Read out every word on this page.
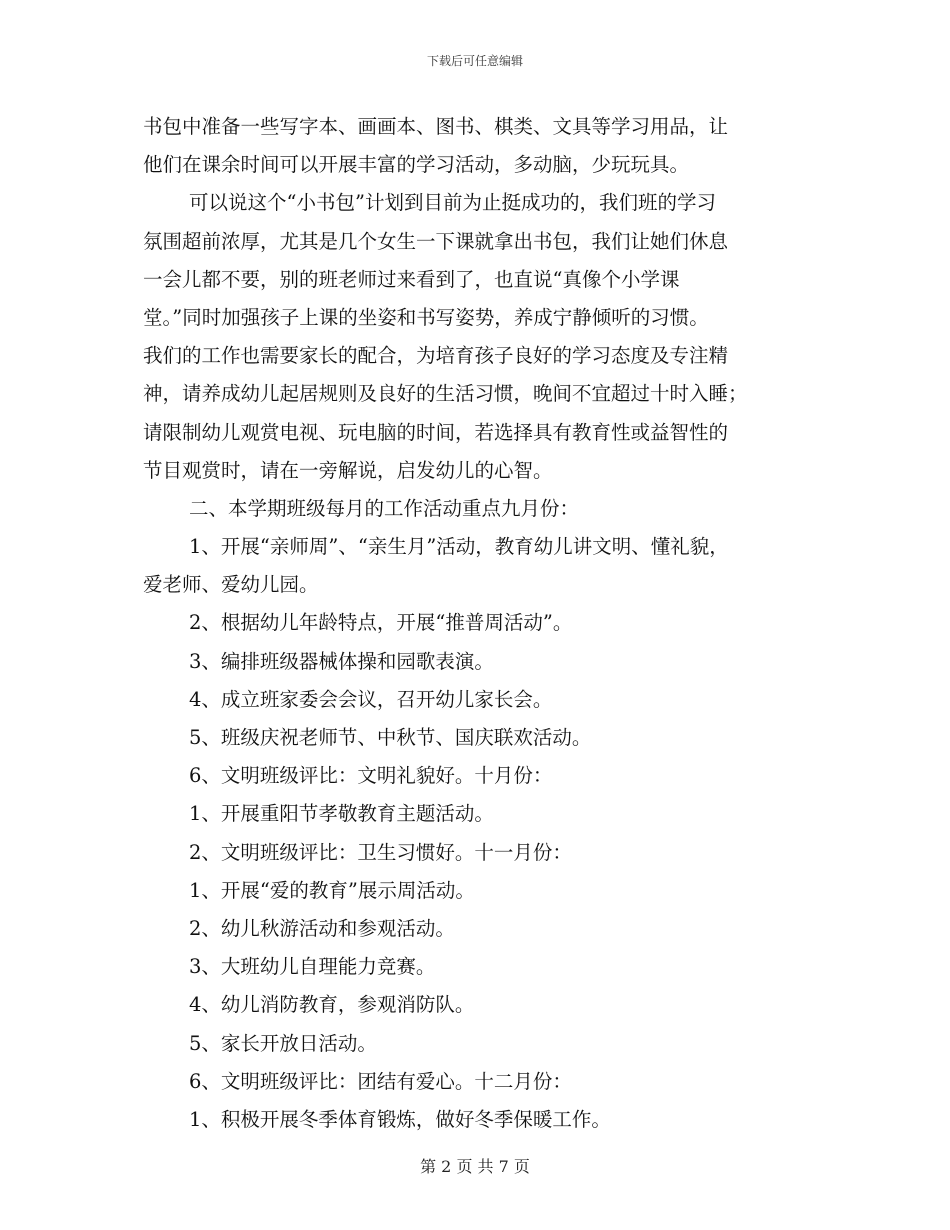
下载后可任意编辑
书包中准备一些写字本、画画本、图书、棋类、文具等学习用品，让
他们在课余时间可以开展丰富的学习活动，多动脑，少玩玩具。
可以说这个“小书包”计划到目前为止挺成功的，我们班的学习
氛围超前浓厚，尤其是几个女生一下课就拿出书包，我们让她们休息
一会儿都不要，别的班老师过来看到了，也直说“真像个小学课
堂。”同时加强孩子上课的坐姿和书写姿势，养成宁静倾听的习惯。
我们的工作也需要家长的配合，为培育孩子良好的学习态度及专注精
神，请养成幼儿起居规则及良好的生活习惯，晚间不宜超过十时入睡；
请限制幼儿观赏电视、玩电脑的时间，若选择具有教育性或益智性的
节目观赏时，请在一旁解说，启发幼儿的心智。
二、本学期班级每月的工作活动重点九月份：
1、开展“亲师周”、“亲生月”活动，教育幼儿讲文明、懂礼貌，
爱老师、爱幼儿园。
2、根据幼儿年龄特点，开展“推普周活动”。
3、编排班级器械体操和园歌表演。
4、成立班家委会会议，召开幼儿家长会。
5、班级庆祝老师节、中秋节、国庆联欢活动。
6、文明班级评比：文明礼貌好。十月份：
1、开展重阳节孝敬教育主题活动。
2、文明班级评比：卫生习惯好。十一月份：
1、开展“爱的教育”展示周活动。
2、幼儿秋游活动和参观活动。
3、大班幼儿自理能力竞赛。
4、幼儿消防教育，参观消防队。
5、家长开放日活动。
6、文明班级评比：团结有爱心。十二月份：
1、积极开展冬季体育锻炼，做好冬季保暖工作。
第 2 页 共 7 页
